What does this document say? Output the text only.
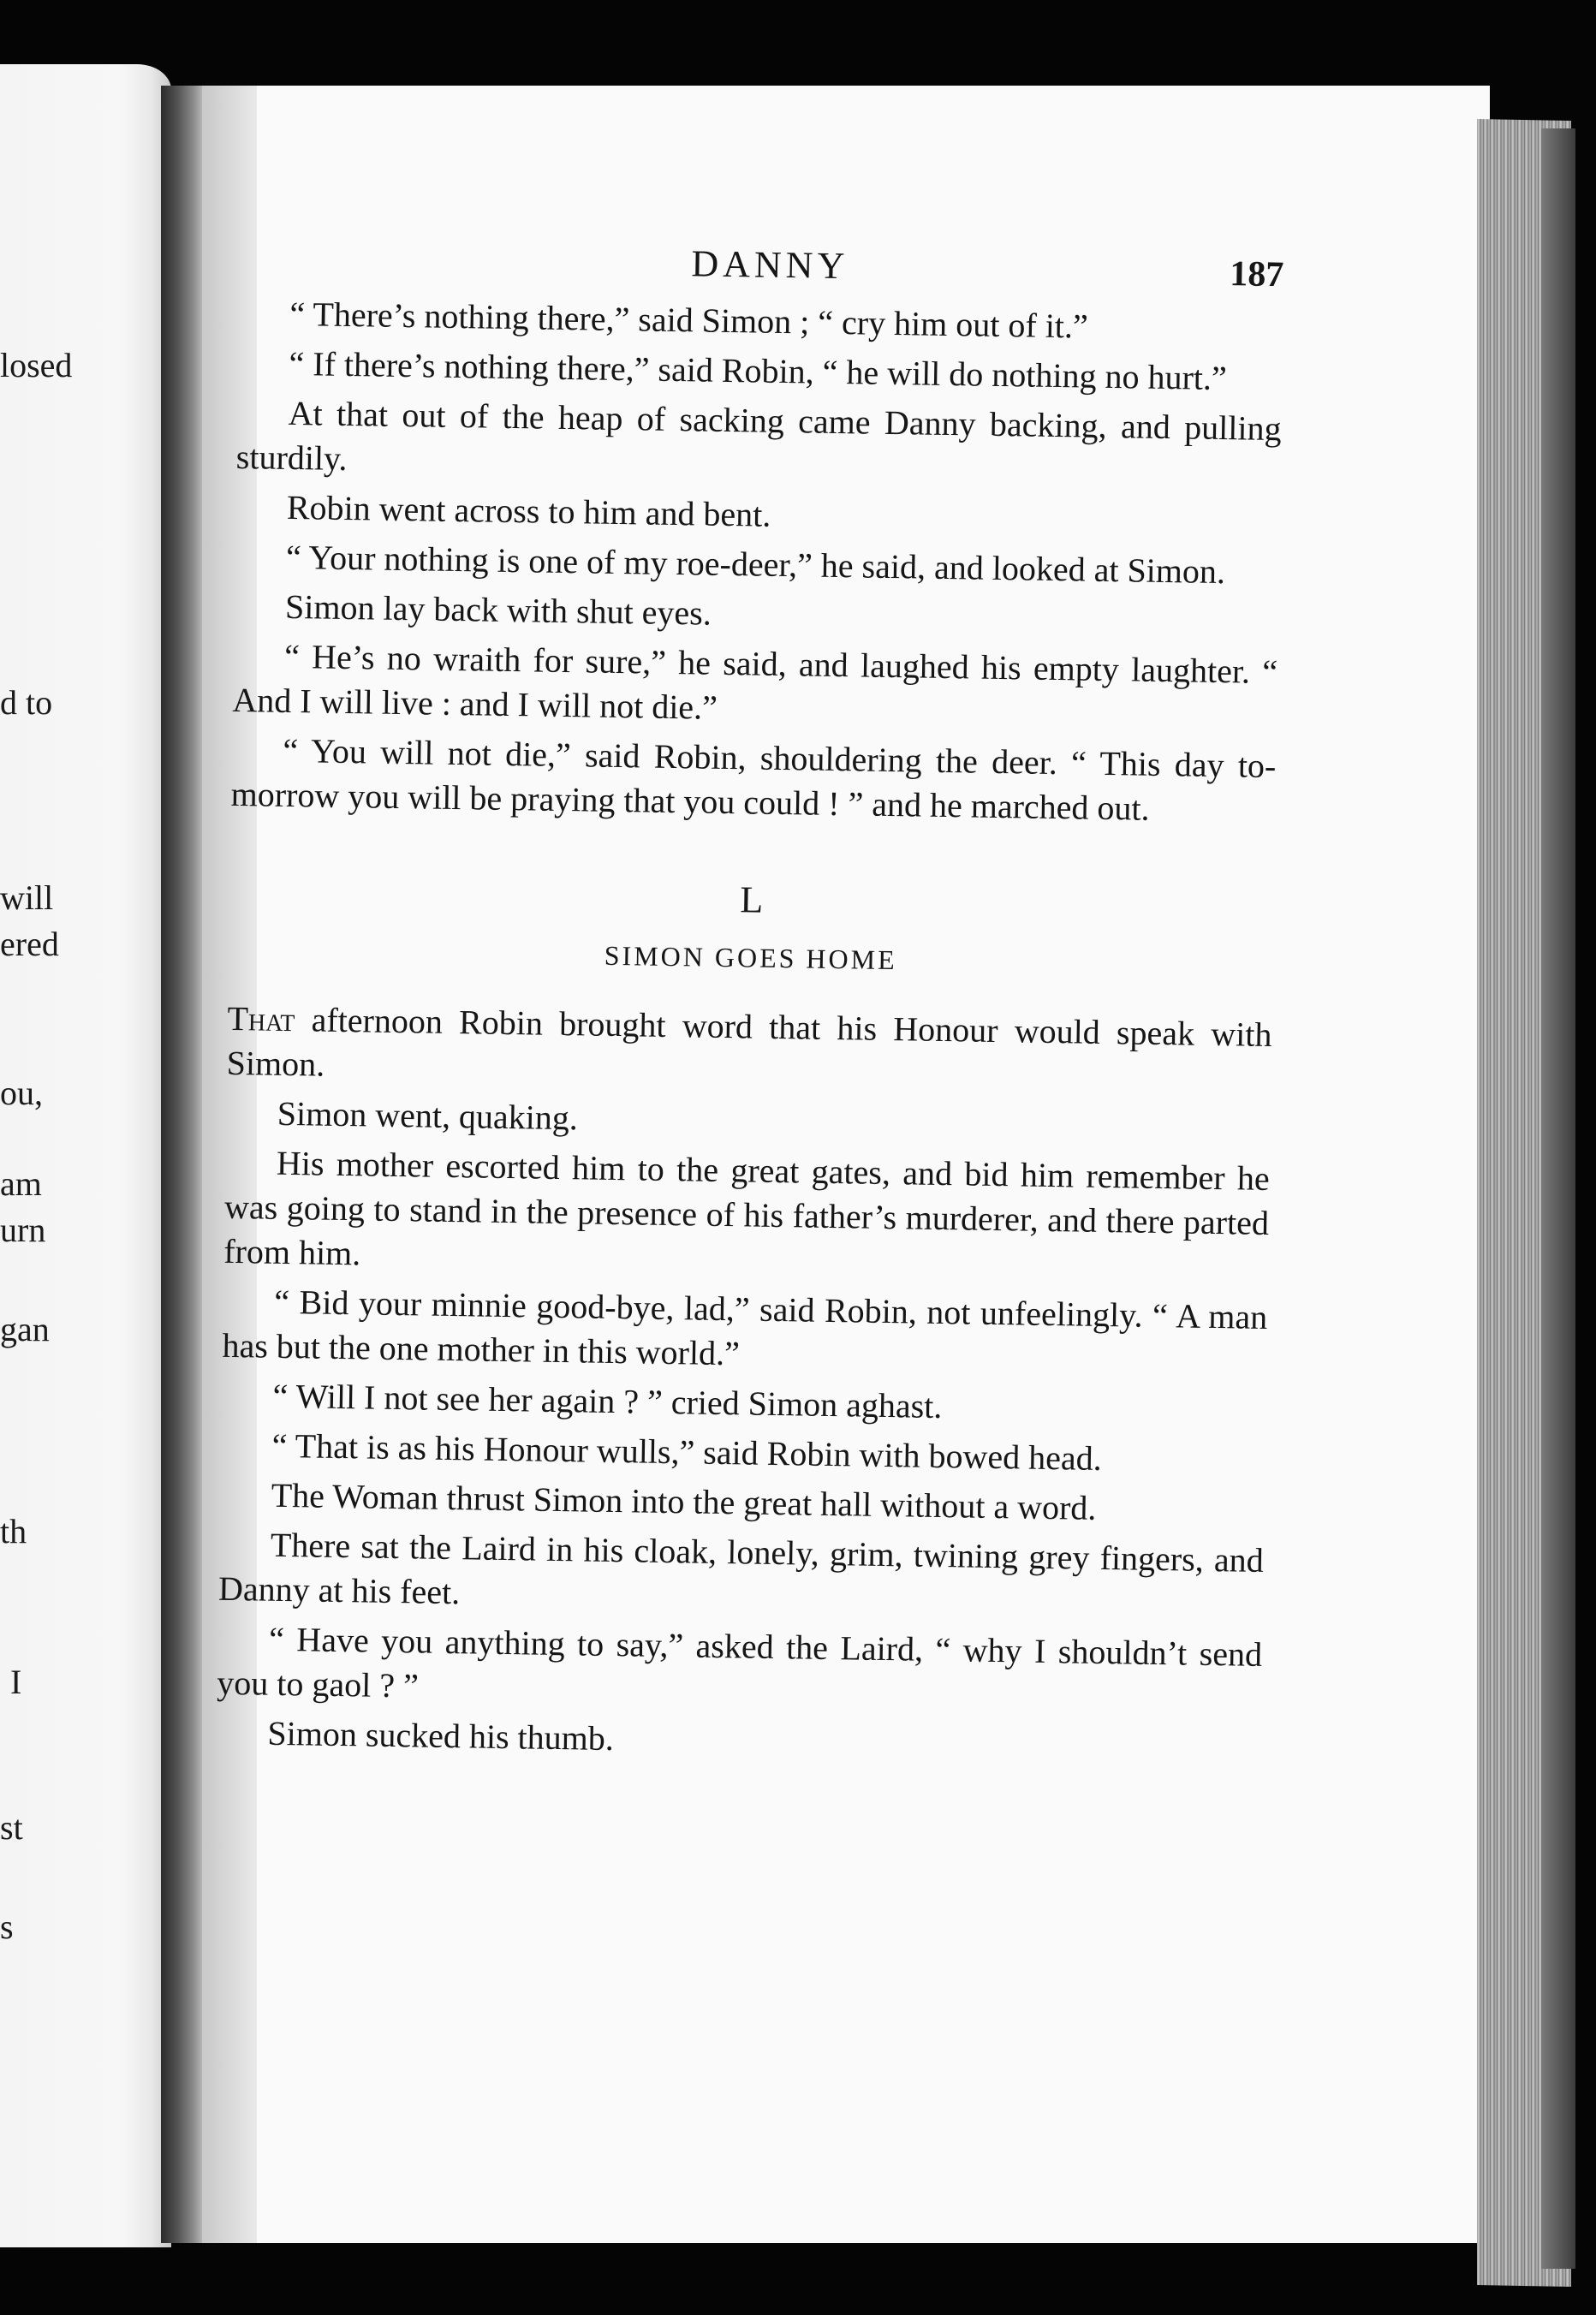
losed
d to
will
ered
ou,
am
urn
gan
th
I
st
s
DANNY	187

“ There’s nothing there,” said Simon ; “ cry him out of it.”

“ If there’s nothing there,” said Robin, “ he will do nothing no hurt.”

At that out of the heap of sacking came Danny backing, and pulling sturdily.

Robin went across to him and bent.

“ Your nothing is one of my roe-deer,” he said, and looked at Simon.

Simon lay back with shut eyes.

“ He’s no wraith for sure,” he said, and laughed his empty laughter. “ And I will live : and I will not die.”

“ You will not die,” said Robin, shouldering the deer. “ This day to-morrow you will be praying that you could ! ” and he marched out.

L
SIMON GOES HOME

That afternoon Robin brought word that his Honour would speak with Simon.

Simon went, quaking.

His mother escorted him to the great gates, and bid him remember he was going to stand in the presence of his father’s murderer, and there parted from him.

“ Bid your minnie good-bye, lad,” said Robin, not unfeelingly. “ A man has but the one mother in this world.”

“ Will I not see her again ? ” cried Simon aghast.

“ That is as his Honour wulls,” said Robin with bowed head.

The Woman thrust Simon into the great hall without a word.

There sat the Laird in his cloak, lonely, grim, twining grey fingers, and Danny at his feet.

“ Have you anything to say,” asked the Laird, “ why I shouldn’t send you to gaol ? ”

Simon sucked his thumb.
